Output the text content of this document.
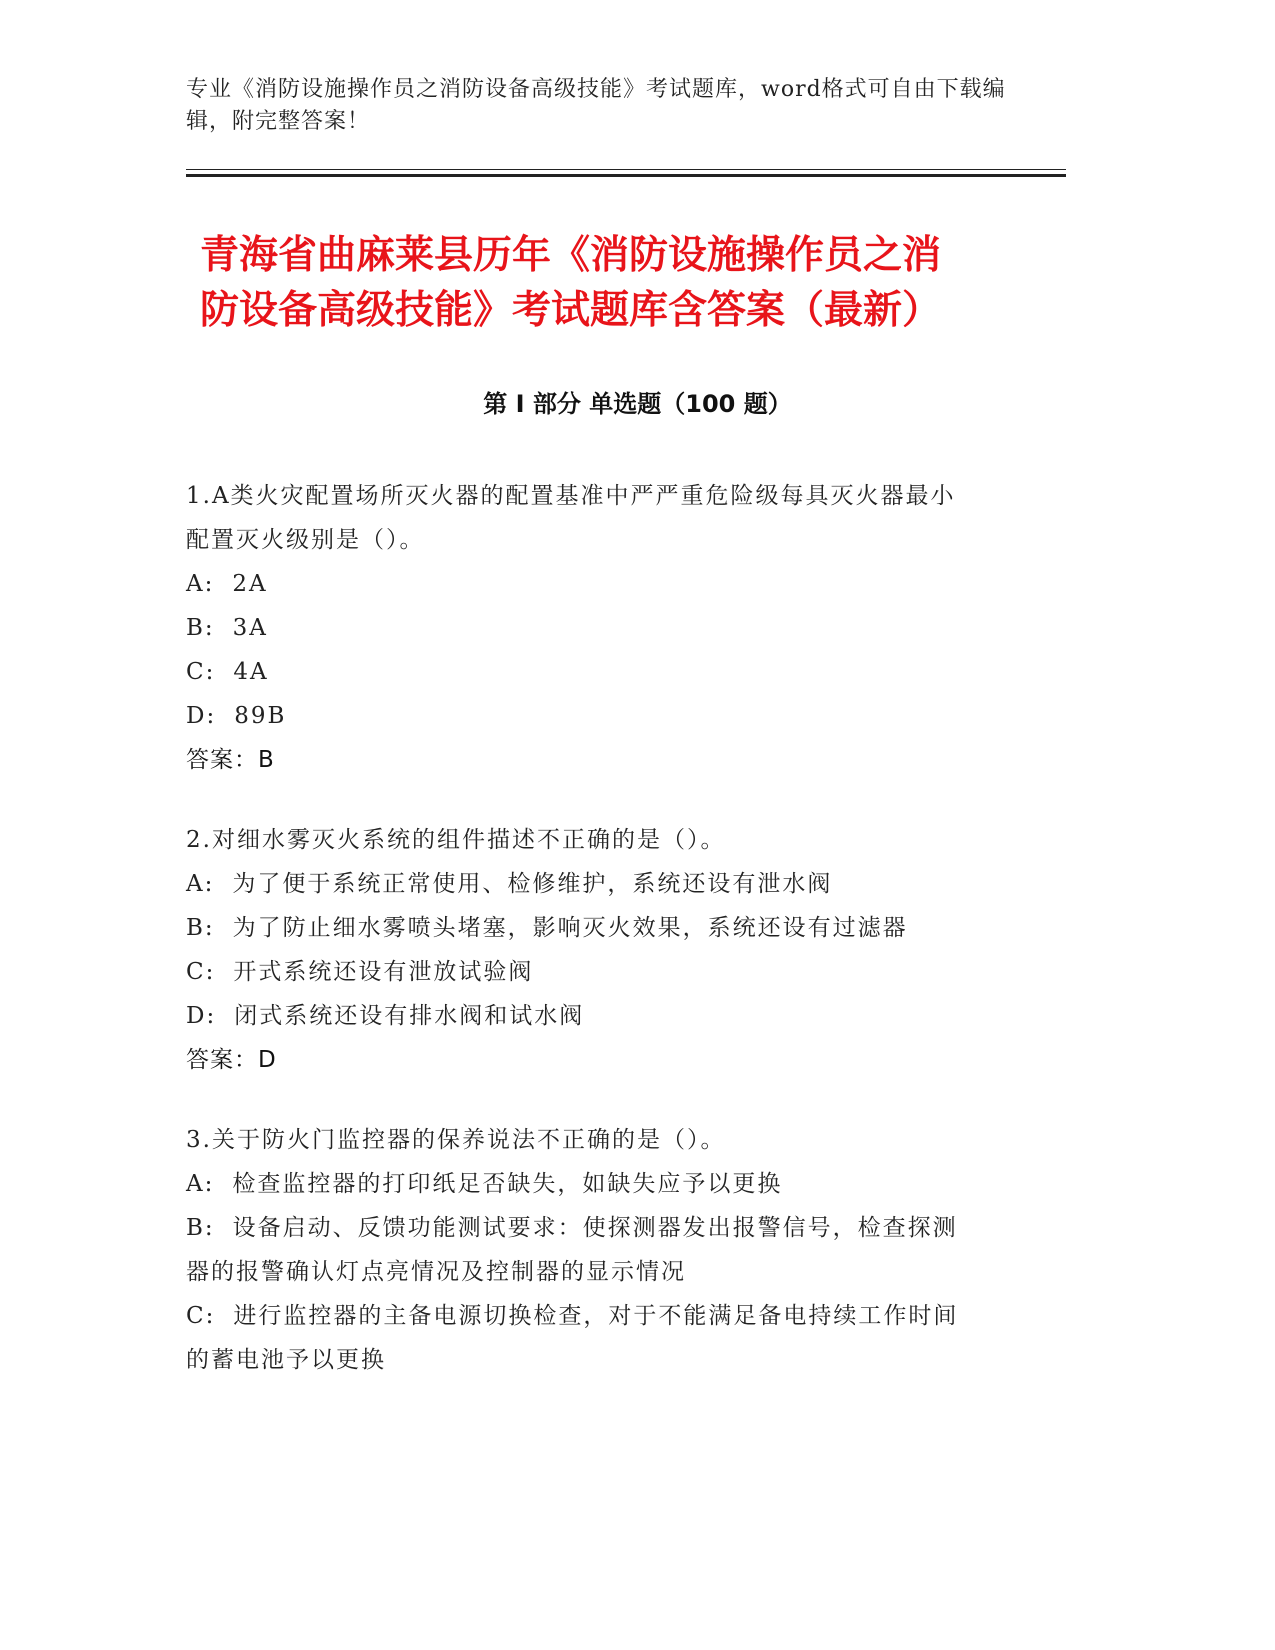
专业《消防设施操作员之消防设备高级技能》考试题库，word格式可自由下载编
辑，附完整答案！
青海省曲麻莱县历年《消防设施操作员之消
防设备高级技能》考试题库含答案（最新）
第 I 部分 单选题（100 题）
1.A类火灾配置场所灭火器的配置基准中严严重危险级每具灭火器最小
配置灭火级别是（）。
A: 2A
B: 3A
C: 4A
D: 89B
答案：B
2.对细水雾灭火系统的组件描述不正确的是（）。
A: 为了便于系统正常使用、检修维护，系统还设有泄水阀
B: 为了防止细水雾喷头堵塞，影响灭火效果，系统还设有过滤器
C: 开式系统还设有泄放试验阀
D: 闭式系统还设有排水阀和试水阀
答案：D
3.关于防火门监控器的保养说法不正确的是（）。
A: 检查监控器的打印纸足否缺失，如缺失应予以更换
B: 设备启动、反馈功能测试要求：使探测器发出报警信号，检查探测
器的报警确认灯点亮情况及控制器的显示情况
C: 进行监控器的主备电源切换检查，对于不能满足备电持续工作时间
的蓄电池予以更换
